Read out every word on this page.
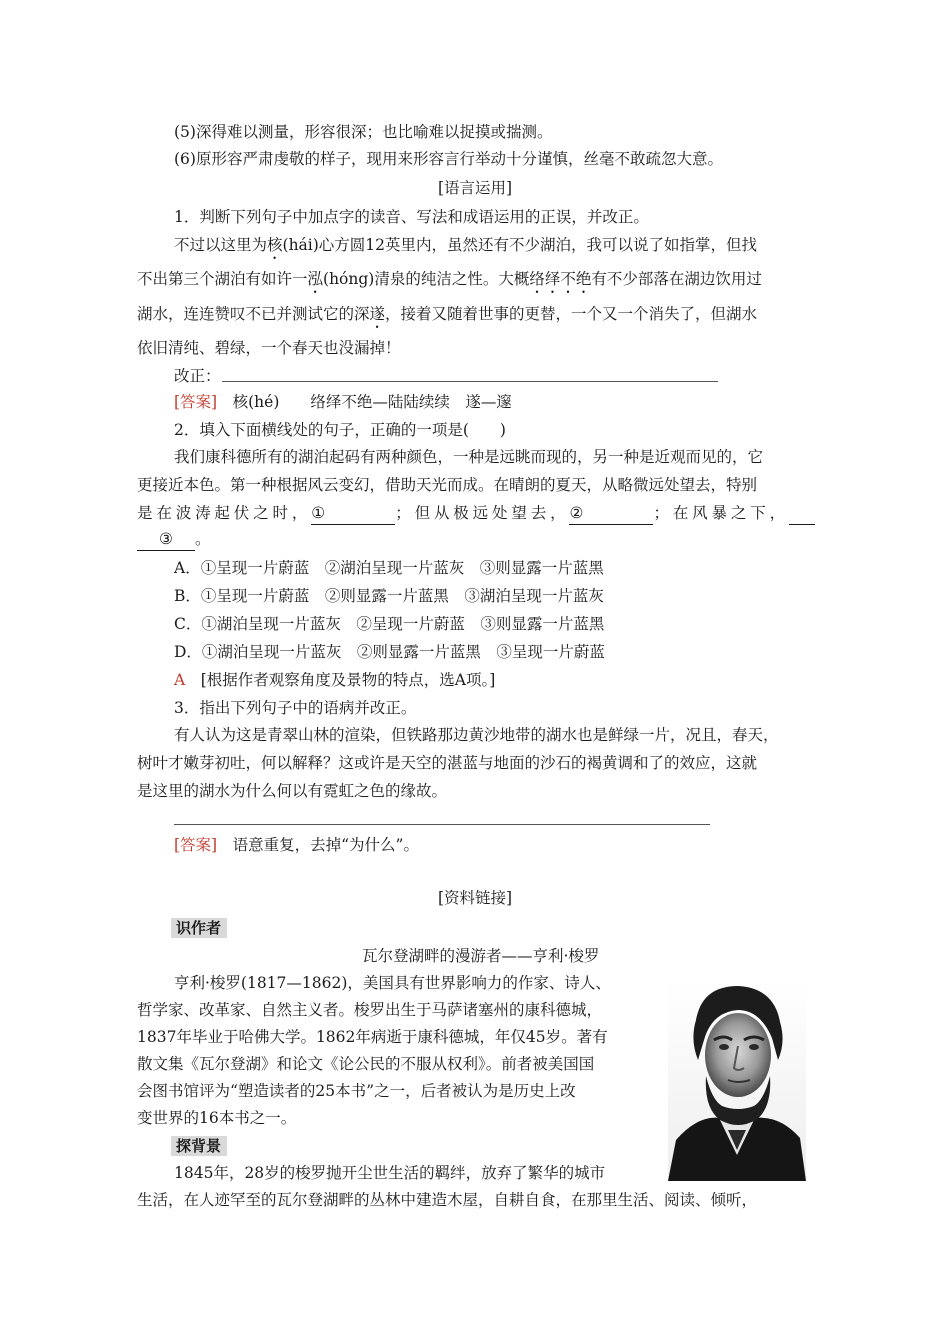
(5)深得难以测量，形容很深；也比喻难以捉摸或揣测。
(6)原形容严肃虔敬的样子，现用来形容言行举动十分谨慎，丝毫不敢疏忽大意。
[语言运用]
1．判断下列句子中加点字的读音、写法和成语运用的正误，并改正。
不过以这里为核(hái)心方圆12英里内，虽然还有不少湖泊，我可以说了如指掌，但找
不出第三个湖泊有如许一泓(hóng)清泉的纯洁之性。大概络绎不绝有不少部落在湖边饮用过
湖水，连连赞叹不已并测试它的深遂，接着又随着世事的更替，一个又一个消失了，但湖水
依旧清纯、碧绿，一个春天也没漏掉！
改正：
[答案]　 核(hé)　　络绎不绝—陆陆续续　遂—邃
2．填入下面横线处的句子，正确的一项是(　　)
我们康科德所有的湖泊起码有两种颜色，一种是远眺而现的，另一种是近观而见的，它
更接近本色。第一种根据风云变幻，借助天光而成。在晴朗的夏天，从略微远处望去，特别
是在波涛起伏之时，①	；但从极远处望去，②	；在风暴之下，
③ 。
A．①呈现一片蔚蓝　②湖泊呈现一片蓝灰　③则显露一片蓝黑
B．①呈现一片蔚蓝　②则显露一片蓝黑　③湖泊呈现一片蓝灰
C．①湖泊呈现一片蓝灰　②呈现一片蔚蓝　③则显露一片蓝黑
D．①湖泊呈现一片蓝灰　②则显露一片蓝黑　③呈现一片蔚蓝
A　 [根据作者观察角度及景物的特点，选A项。]
3．指出下列句子中的语病并改正。
有人认为这是青翠山林的渲染，但铁路那边黄沙地带的湖水也是鲜绿一片，况且，春天，
树叶才嫩芽初吐，何以解释？这或许是天空的湛蓝与地面的沙石的褐黄调和了的效应，这就
是这里的湖水为什么何以有霓虹之色的缘故。
[答案]　 语意重复，去掉“为什么”。
[资料链接]
识作者
瓦尔登湖畔的漫游者——亨利·梭罗
亨利·梭罗(1817—1862)，美国具有世界影响力的作家、诗人、
哲学家、改革家、自然主义者。梭罗出生于马萨诸塞州的康科德城，
1837年毕业于哈佛大学。1862年病逝于康科德城，年仅45岁。著有
散文集《瓦尔登湖》和论文《论公民的不服从权利》。前者被美国国
会图书馆评为“塑造读者的25本书”之一，后者被认为是历史上改
变世界的16本书之一。
探背景
1845年，28岁的梭罗抛开尘世生活的羁绊，放弃了繁华的城市
生活，在人迹罕至的瓦尔登湖畔的丛林中建造木屋，自耕自食，在那里生活、阅读、倾听，
